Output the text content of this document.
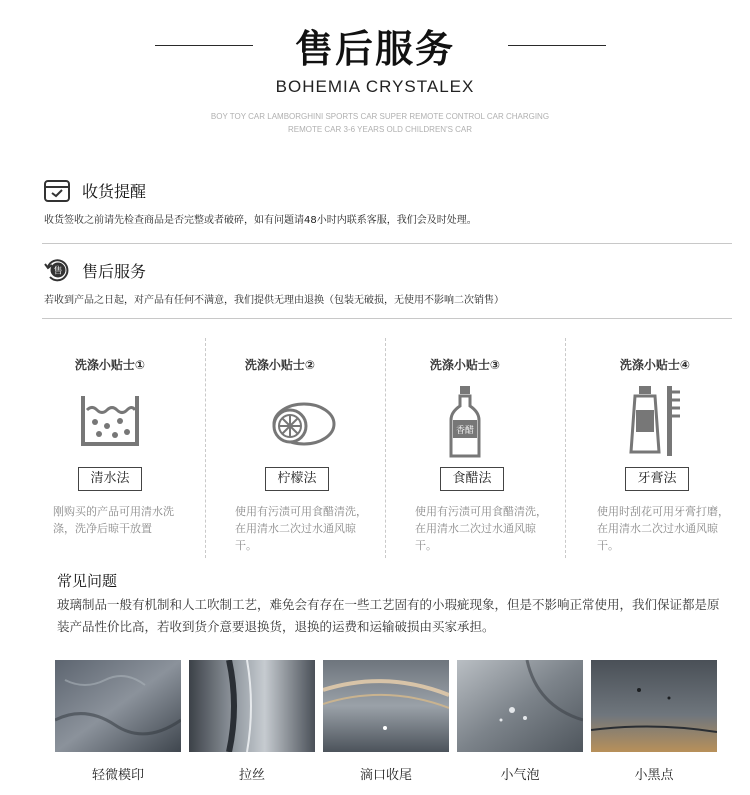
售后服务
BOHEMIA CRYSTALEX
BOY TOY CAR LAMBORGHINI SPORTS CAR SUPER REMOTE CONTROL CAR CHARGING REMOTE CAR 3-6 YEARS OLD CHILDREN'S CAR
收货提醒
收货签收之前请先检查商品是否完整或者破碎，如有问题请48小时内联系客服，我们会及时处理。
售 售后服务
若收到产品之日起，对产品有任何不满意，我们提供无理由退换（包装无破损，无使用不影响二次销售）
洗涤小贴士①
清水法
刚购买的产品可用清水洗涤，洗净后晾干放置
洗涤小贴士②
柠檬法
使用有污渍可用食醋清洗，在用清水二次过水通风晾干。
洗涤小贴士③
香醋
食醋法
使用有污渍可用食醋清洗，在用清水二次过水通风晾干。
洗涤小贴士④
牙膏法
使用时刮花可用牙膏打磨，在用清水二次过水通风晾干。
常见问题
玻璃制品一般有机制和人工吹制工艺，难免会有存在一些工艺固有的小瑕疵现象，但是不影响正常使用，我们保证都是原装产品性价比高，若收到货介意要退换货，退换的运费和运输破损由买家承担。
轻微模印	拉丝	滴口收尾	小气泡	小黑点
